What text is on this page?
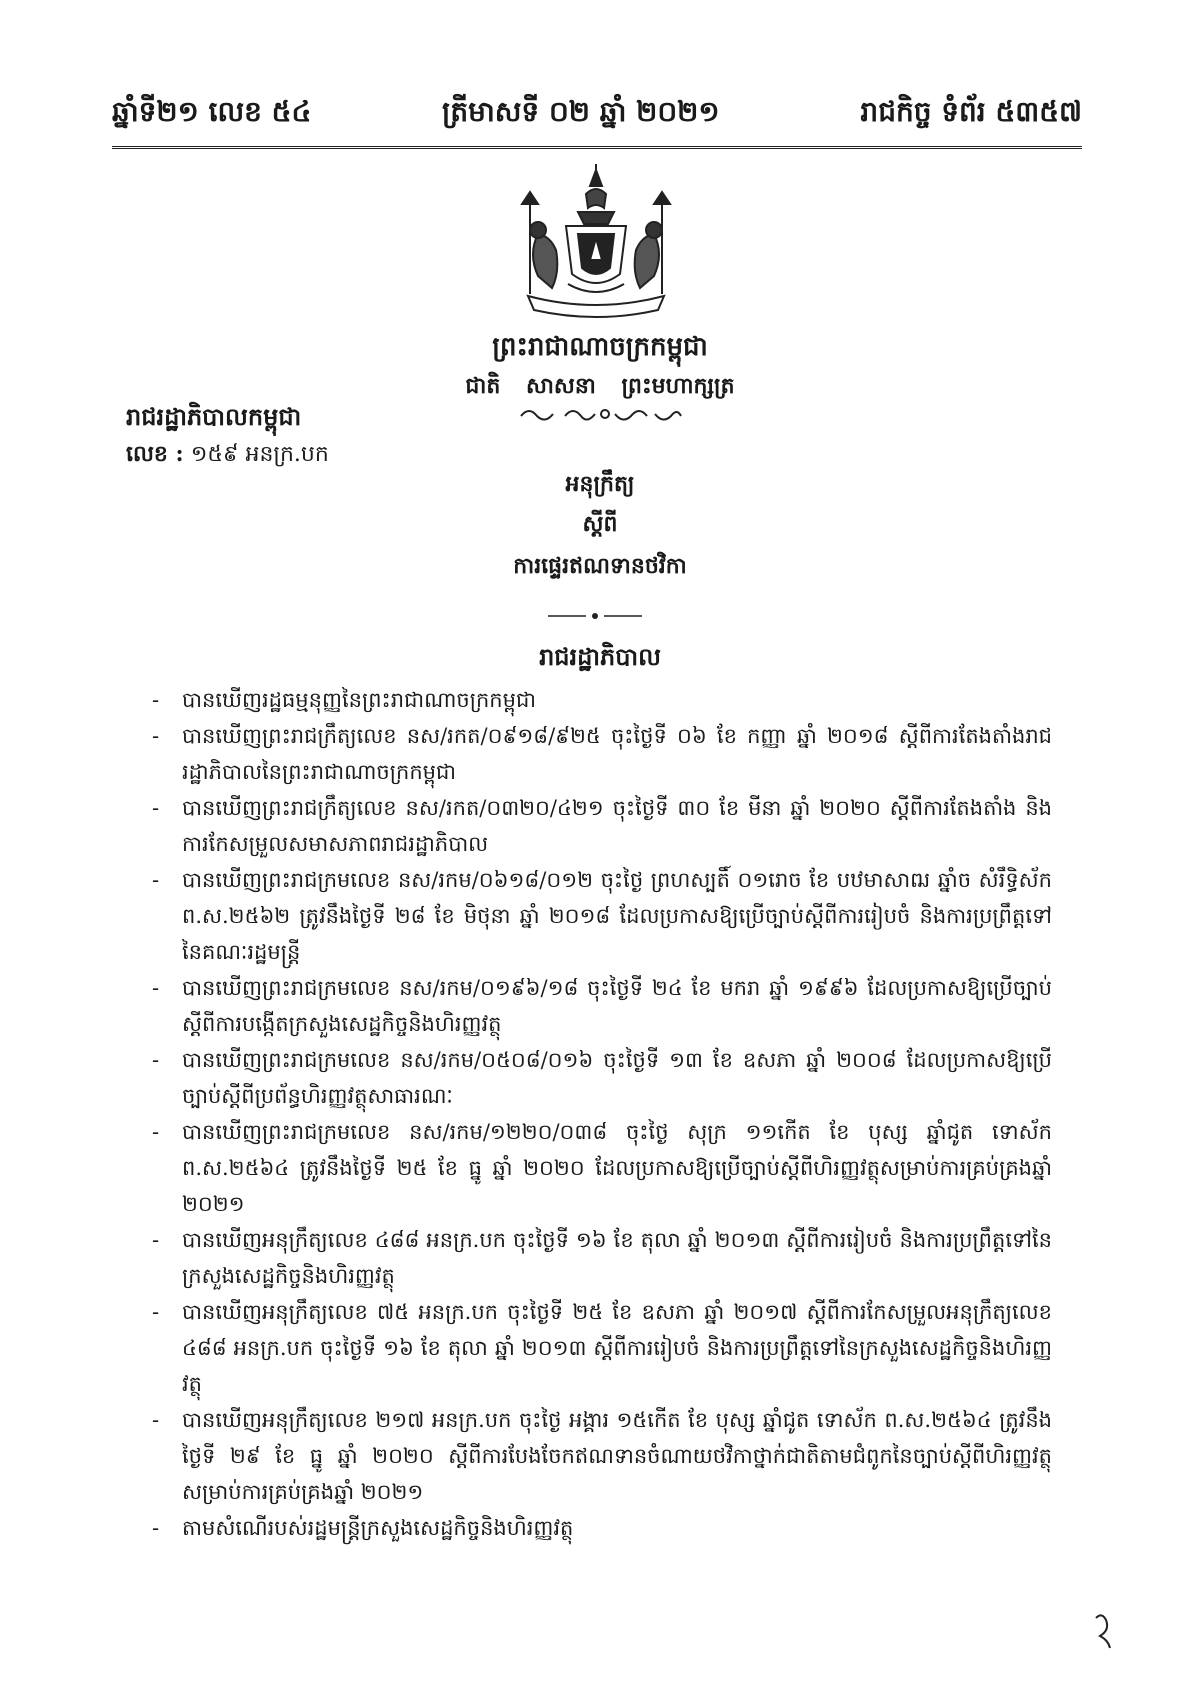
ឆ្នាំទី២១ លេខ ៥៤	ត្រីមាសទី ០២ ឆ្នាំ ២០២១	រាជកិច្ច ទំព័រ ៥៣៥៧
ព្រះរាជាណាចក្រកម្ពុជា
ជាតិ សាសនា ព្រះមហាក្សត្រ
រាជរដ្ឋាភិបាលកម្ពុជា
លេខ : ១៥៩ អនក្រ.បក
អនុក្រឹត្យ
ស្តីពី
ការផ្ទេរឥណទានថវិកា
រាជរដ្ឋាភិបាល
- បានឃើញរដ្ឋធម្មនុញ្ញនៃព្រះរាជាណាចក្រកម្ពុជា
- បានឃើញព្រះរាជក្រឹត្យលេខ នស/រកត/០៩១៨/៩២៥ ចុះថ្ងៃទី ០៦ ខែ កញ្ញា ឆ្នាំ ២០១៨ ស្តីពីការតែងតាំងរាជរដ្ឋាភិបាលនៃព្រះរាជាណាចក្រកម្ពុជា
- បានឃើញព្រះរាជក្រឹត្យលេខ នស/រកត/០៣២០/៤២១ ចុះថ្ងៃទី ៣០ ខែ មីនា ឆ្នាំ ២០២០ ស្តីពីការតែងតាំង និងការកែសម្រួលសមាសភាពរាជរដ្ឋាភិបាល
- បានឃើញព្រះរាជក្រមលេខ នស/រកម/០៦១៨/០១២ ចុះថ្ងៃ ព្រហស្បតិ៍ ០១រោច ខែ បឋមាសាឍ ឆ្នាំច សំរឹទ្ធិស័ក ព.ស.២៥៦២ ត្រូវនឹងថ្ងៃទី ២៨ ខែ មិថុនា ឆ្នាំ ២០១៨ ដែលប្រកាសឱ្យប្រើច្បាប់ស្តីពីការរៀបចំ និងការប្រព្រឹត្តទៅនៃគណៈរដ្ឋមន្ត្រី
- បានឃើញព្រះរាជក្រមលេខ នស/រកម/០១៩៦/១៨ ចុះថ្ងៃទី ២៤ ខែ មករា ឆ្នាំ ១៩៩៦ ដែលប្រកាសឱ្យប្រើច្បាប់ស្តីពីការបង្កើតក្រសួងសេដ្ឋកិច្ចនិងហិរញ្ញវត្ថុ
- បានឃើញព្រះរាជក្រមលេខ នស/រកម/០៥០៨/០១៦ ចុះថ្ងៃទី ១៣ ខែ ឧសភា ឆ្នាំ ២០០៨ ដែលប្រកាសឱ្យប្រើច្បាប់ស្តីពីប្រព័ន្ធហិរញ្ញវត្ថុសាធារណៈ
- បានឃើញព្រះរាជក្រមលេខ នស/រកម/១២២០/០៣៨ ចុះថ្ងៃ សុក្រ ១១កើត ខែ បុស្ស ឆ្នាំជូត ទោស័ក ព.ស.២៥៦៤ ត្រូវនឹងថ្ងៃទី ២៥ ខែ ធ្នូ ឆ្នាំ ២០២០ ដែលប្រកាសឱ្យប្រើច្បាប់ស្តីពីហិរញ្ញវត្ថុសម្រាប់ការគ្រប់គ្រងឆ្នាំ ២០២១
- បានឃើញអនុក្រឹត្យលេខ ៤៨៨ អនក្រ.បក ចុះថ្ងៃទី ១៦ ខែ តុលា ឆ្នាំ ២០១៣ ស្តីពីការរៀបចំ និងការប្រព្រឹត្តទៅនៃក្រសួងសេដ្ឋកិច្ចនិងហិរញ្ញវត្ថុ
- បានឃើញអនុក្រឹត្យលេខ ៧៥ អនក្រ.បក ចុះថ្ងៃទី ២៥ ខែ ឧសភា ឆ្នាំ ២០១៧ ស្តីពីការកែសម្រួលអនុក្រឹត្យលេខ ៤៨៨ អនក្រ.បក ចុះថ្ងៃទី ១៦ ខែ តុលា ឆ្នាំ ២០១៣ ស្តីពីការរៀបចំ និងការប្រព្រឹត្តទៅនៃក្រសួងសេដ្ឋកិច្ចនិងហិរញ្ញវត្ថុ
- បានឃើញអនុក្រឹត្យលេខ ២១៧ អនក្រ.បក ចុះថ្ងៃ អង្គារ ១៥កើត ខែ បុស្ស ឆ្នាំជូត ទោស័ក ព.ស.២៥៦៤ ត្រូវនឹងថ្ងៃទី ២៩ ខែ ធ្នូ ឆ្នាំ ២០២០ ស្តីពីការបែងចែកឥណទានចំណាយថវិកាថ្នាក់ជាតិតាមជំពូកនៃច្បាប់ស្តីពីហិរញ្ញវត្ថុសម្រាប់ការគ្រប់គ្រងឆ្នាំ ២០២១
- តាមសំណើរបស់រដ្ឋមន្ត្រីក្រសួងសេដ្ឋកិច្ចនិងហិរញ្ញវត្ថុ
